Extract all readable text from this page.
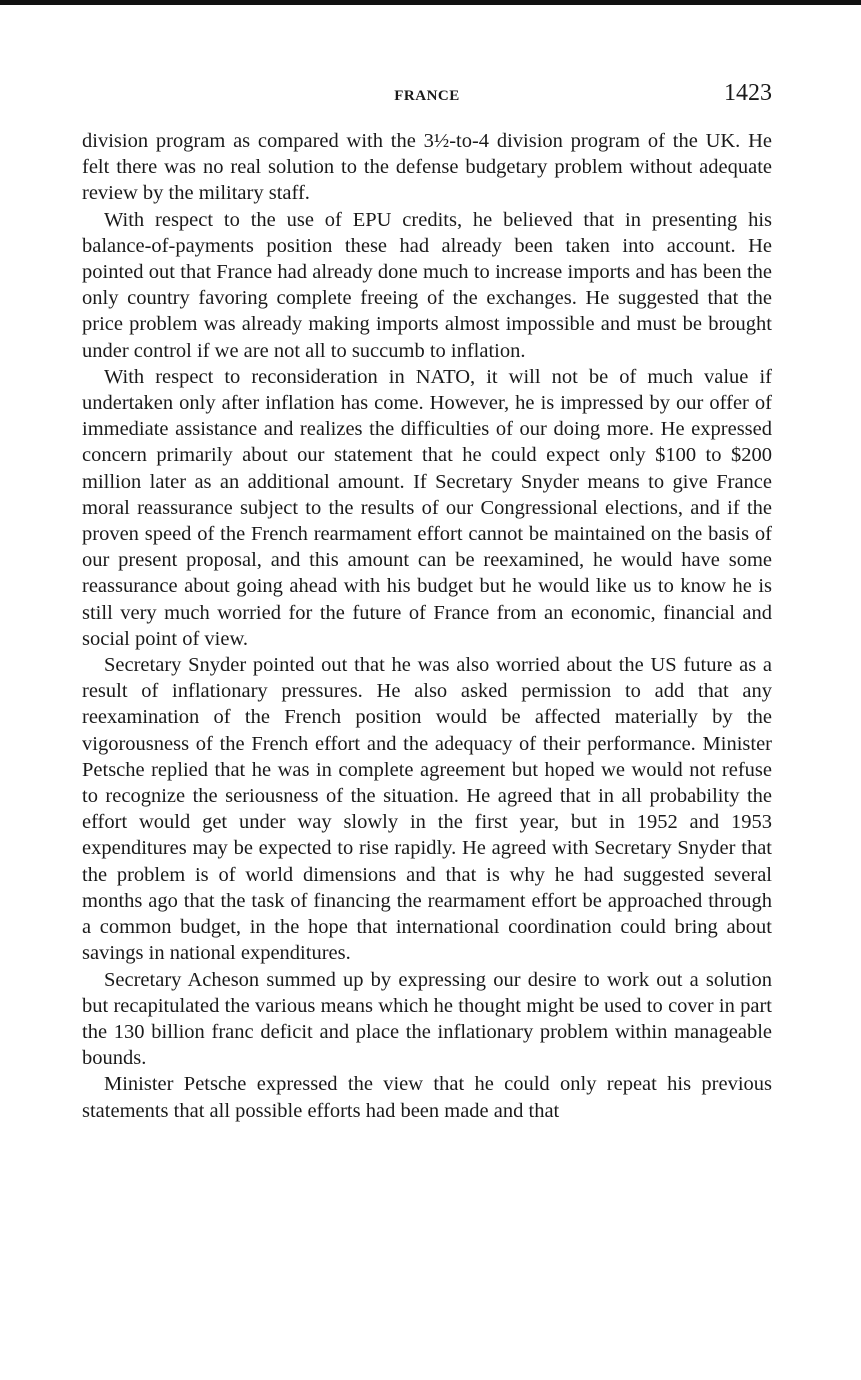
FRANCE	1423

division program as compared with the 3½-to-4 division program of the UK. He felt there was no real solution to the defense budgetary problem without adequate review by the military staff.

With respect to the use of EPU credits, he believed that in presenting his balance-of-payments position these had already been taken into account. He pointed out that France had already done much to increase imports and has been the only country favoring complete freeing of the exchanges. He suggested that the price problem was already making imports almost impossible and must be brought under control if we are not all to succumb to inflation.

With respect to reconsideration in NATO, it will not be of much value if undertaken only after inflation has come. However, he is impressed by our offer of immediate assistance and realizes the difficulties of our doing more. He expressed concern primarily about our statement that he could expect only $100 to $200 million later as an additional amount. If Secretary Snyder means to give France moral reassurance subject to the results of our Congressional elections, and if the proven speed of the French rearmament effort cannot be maintained on the basis of our present proposal, and this amount can be reexamined, he would have some reassurance about going ahead with his budget but he would like us to know he is still very much worried for the future of France from an economic, financial and social point of view.

Secretary Snyder pointed out that he was also worried about the US future as a result of inflationary pressures. He also asked permission to add that any reexamination of the French position would be affected materially by the vigorousness of the French effort and the adequacy of their performance. Minister Petsche replied that he was in complete agreement but hoped we would not refuse to recognize the seriousness of the situation. He agreed that in all probability the effort would get under way slowly in the first year, but in 1952 and 1953 expenditures may be expected to rise rapidly. He agreed with Secretary Snyder that the problem is of world dimensions and that is why he had suggested several months ago that the task of financing the rearmament effort be approached through a common budget, in the hope that international coordination could bring about savings in national expenditures.

Secretary Acheson summed up by expressing our desire to work out a solution but recapitulated the various means which he thought might be used to cover in part the 130 billion franc deficit and place the inflationary problem within manageable bounds.

Minister Petsche expressed the view that he could only repeat his previous statements that all possible efforts had been made and that
